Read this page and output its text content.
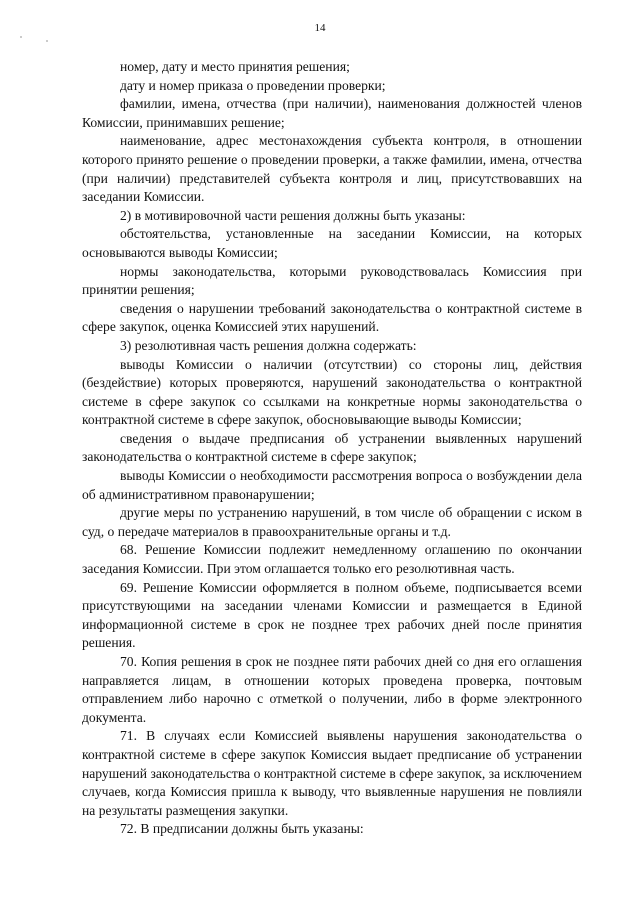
14

номер, дату и место принятия решения;

дату и номер приказа о проведении проверки;

фамилии, имена, отчества (при наличии), наименования должностей членов Комиссии, принимавших решение;

наименование, адрес местонахождения субъекта контроля, в отношении которого принято решение о проведении проверки, а также фамилии, имена, отчества (при наличии) представителей субъекта контроля и лиц, присутствовавших на заседании Комиссии.

2) в мотивировочной части решения должны быть указаны:

обстоятельства, установленные на заседании Комиссии, на которых основываются выводы Комиссии;

нормы законодательства, которыми руководствовалась Комиссиия при принятии решения;

сведения о нарушении требований законодательства о контрактной системе в сфере закупок, оценка Комиссией этих нарушений.

3) резолютивная часть решения должна содержать:

выводы Комиссии о наличии (отсутствии) со стороны лиц, действия (бездействие) которых проверяются, нарушений законодательства о контрактной системе в сфере закупок со ссылками на конкретные нормы законодательства о контрактной системе в сфере закупок, обосновывающие выводы Комиссии;

сведения о выдаче предписания об устранении выявленных нарушений законодательства о контрактной системе в сфере закупок;

выводы Комиссии о необходимости рассмотрения вопроса о возбуждении дела об административном правонарушении;

другие меры по устранению нарушений, в том числе об обращении с иском в суд, о передаче материалов в правоохранительные органы и т.д.

68. Решение Комиссии подлежит немедленному оглашению по окончании заседания Комиссии. При этом оглашается только его резолютивная часть.

69. Решение Комиссии оформляется в полном объеме, подписывается всеми присутствующими на заседании членами Комиссии и размещается в Единой информационной системе в срок не позднее трех рабочих дней после принятия решения.

70. Копия решения в срок не позднее пяти рабочих дней со дня его оглашения направляется лицам, в отношении которых проведена проверка, почтовым отправлением либо нарочно с отметкой о получении, либо в форме электронного документа.

71. В случаях если Комиссией выявлены нарушения законодательства о контрактной системе в сфере закупок Комиссия выдает предписание об устранении нарушений законодательства о контрактной системе в сфере закупок, за исключением случаев, когда Комиссия пришла к выводу, что выявленные нарушения не повлияли на результаты размещения закупки.

72. В предписании должны быть указаны:
